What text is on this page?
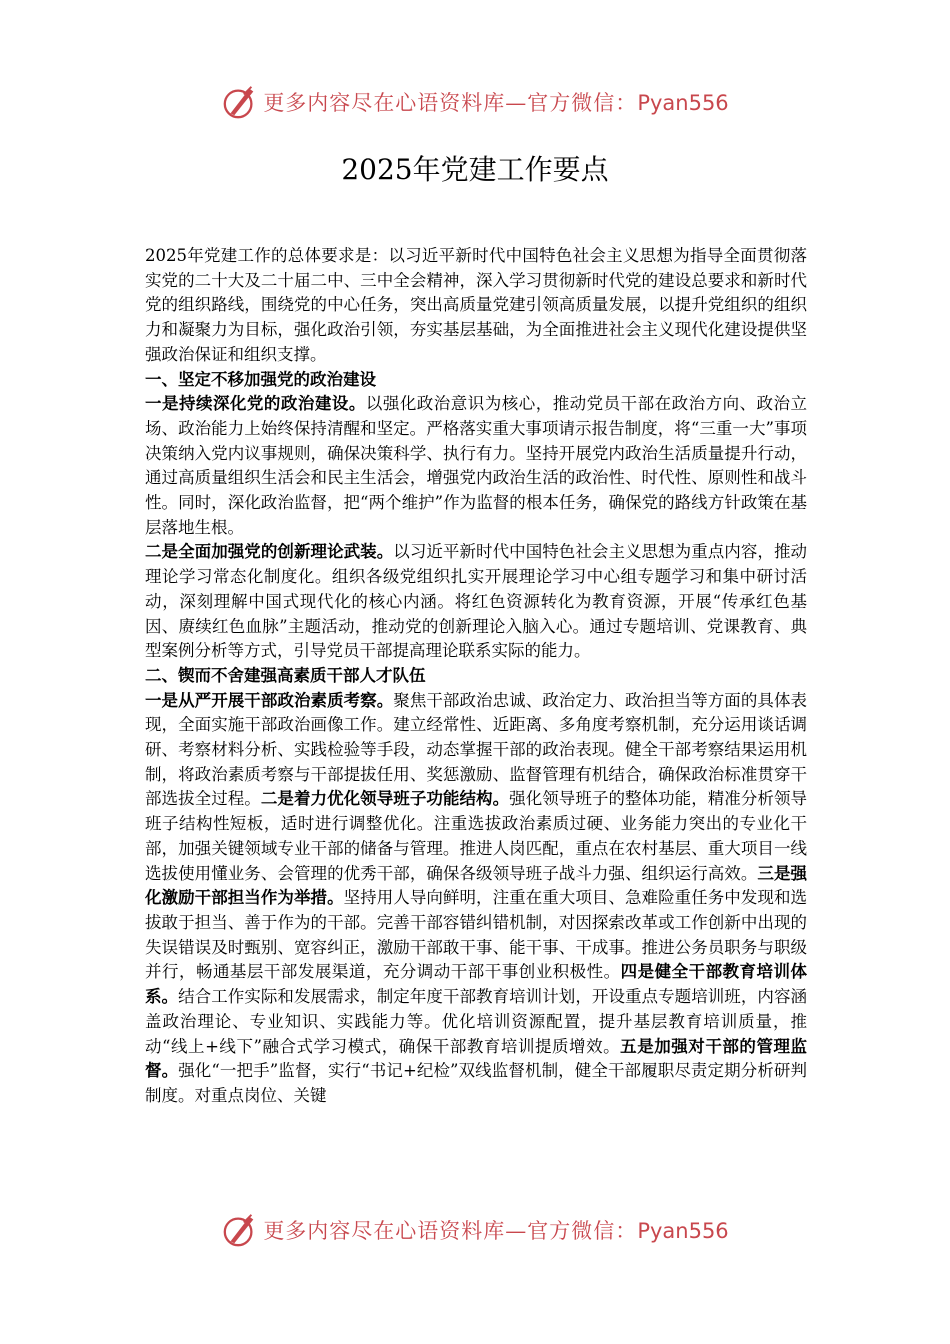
更多内容尽在心语资料库—官方微信：Pyan556
2025年党建工作要点

2025年党建工作的总体要求是：以习近平新时代中国特色社会主义思想为指导全面贯彻落实党的二十大及二十届二中、三中全会精神，深入学习贯彻新时代党的建设总要求和新时代党的组织路线，围绕党的中心任务，突出高质量党建引领高质量发展，以提升党组织的组织力和凝聚力为目标，强化政治引领，夯实基层基础，为全面推进社会主义现代化建设提供坚强政治保证和组织支撑。

一、坚定不移加强党的政治建设

一是持续深化党的政治建设。以强化政治意识为核心，推动党员干部在政治方向、政治立场、政治能力上始终保持清醒和坚定。严格落实重大事项请示报告制度，将“三重一大”事项决策纳入党内议事规则，确保决策科学、执行有力。坚持开展党内政治生活质量提升行动，通过高质量组织生活会和民主生活会，增强党内政治生活的政治性、时代性、原则性和战斗性。同时，深化政治监督，把“两个维护”作为监督的根本任务，确保党的路线方针政策在基层落地生根。

二是全面加强党的创新理论武装。以习近平新时代中国特色社会主义思想为重点内容，推动理论学习常态化制度化。组织各级党组织扎实开展理论学习中心组专题学习和集中研讨活动，深刻理解中国式现代化的核心内涵。将红色资源转化为教育资源，开展“传承红色基因、赓续红色血脉”主题活动，推动党的创新理论入脑入心。通过专题培训、党课教育、典型案例分析等方式，引导党员干部提高理论联系实际的能力。

二、锲而不舍建强高素质干部人才队伍

一是从严开展干部政治素质考察。聚焦干部政治忠诚、政治定力、政治担当等方面的具体表现，全面实施干部政治画像工作。建立经常性、近距离、多角度考察机制，充分运用谈话调研、考察材料分析、实践检验等手段，动态掌握干部的政治表现。健全干部考察结果运用机制，将政治素质考察与干部提拔任用、奖惩激励、监督管理有机结合，确保政治标准贯穿干部选拔全过程。二是着力优化领导班子功能结构。强化领导班子的整体功能，精准分析领导班子结构性短板，适时进行调整优化。注重选拔政治素质过硬、业务能力突出的专业化干部，加强关键领域专业干部的储备与管理。推进人岗匹配，重点在农村基层、重大项目一线选拔使用懂业务、会管理的优秀干部，确保各级领导班子战斗力强、组织运行高效。三是强化激励干部担当作为举措。坚持用人导向鲜明，注重在重大项目、急难险重任务中发现和选拔敢于担当、善于作为的干部。完善干部容错纠错机制，对因探索改革或工作创新中出现的失误错误及时甄别、宽容纠正，激励干部敢干事、能干事、干成事。推进公务员职务与职级并行，畅通基层干部发展渠道，充分调动干部干事创业积极性。四是健全干部教育培训体系。结合工作实际和发展需求，制定年度干部教育培训计划，开设重点专题培训班，内容涵盖政治理论、专业知识、实践能力等。优化培训资源配置，提升基层教育培训质量，推动“线上+线下”融合式学习模式，确保干部教育培训提质增效。五是加强对干部的管理监督。强化“一把手”监督，实行“书记+纪检”双线监督机制，健全干部履职尽责定期分析研判制度。对重点岗位、关键

更多内容尽在心语资料库—官方微信：Pyan556
